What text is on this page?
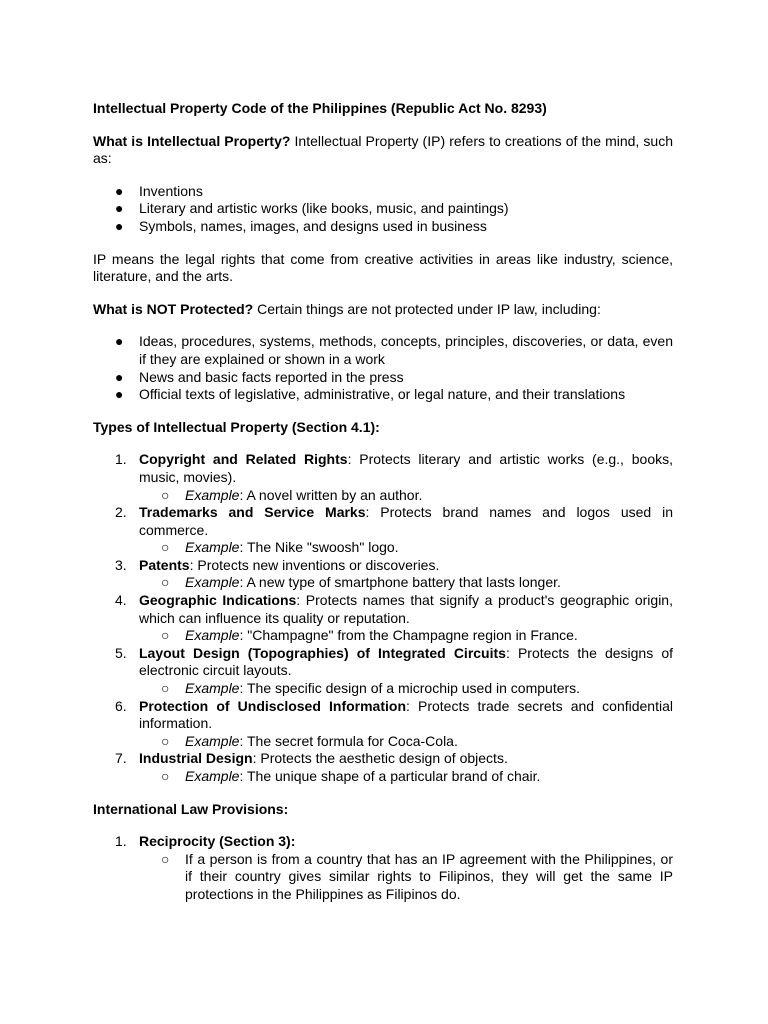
Intellectual Property Code of the Philippines (Republic Act No. 8293)

What is Intellectual Property? Intellectual Property (IP) refers to creations of the mind, such as:

● Inventions
● Literary and artistic works (like books, music, and paintings)
● Symbols, names, images, and designs used in business

IP means the legal rights that come from creative activities in areas like industry, science, literature, and the arts.

What is NOT Protected? Certain things are not protected under IP law, including:

● Ideas, procedures, systems, methods, concepts, principles, discoveries, or data, even if they are explained or shown in a work
● News and basic facts reported in the press
● Official texts of legislative, administrative, or legal nature, and their translations

Types of Intellectual Property (Section 4.1):

1. Copyright and Related Rights: Protects literary and artistic works (e.g., books, music, movies).
○ Example: A novel written by an author.
2. Trademarks and Service Marks: Protects brand names and logos used in commerce.
○ Example: The Nike "swoosh" logo.
3. Patents: Protects new inventions or discoveries.
○ Example: A new type of smartphone battery that lasts longer.
4. Geographic Indications: Protects names that signify a product's geographic origin, which can influence its quality or reputation.
○ Example: "Champagne" from the Champagne region in France.
5. Layout Design (Topographies) of Integrated Circuits: Protects the designs of electronic circuit layouts.
○ Example: The specific design of a microchip used in computers.
6. Protection of Undisclosed Information: Protects trade secrets and confidential information.
○ Example: The secret formula for Coca-Cola.
7. Industrial Design: Protects the aesthetic design of objects.
○ Example: The unique shape of a particular brand of chair.

International Law Provisions:

1. Reciprocity (Section 3):
○ If a person is from a country that has an IP agreement with the Philippines, or if their country gives similar rights to Filipinos, they will get the same IP protections in the Philippines as Filipinos do.
